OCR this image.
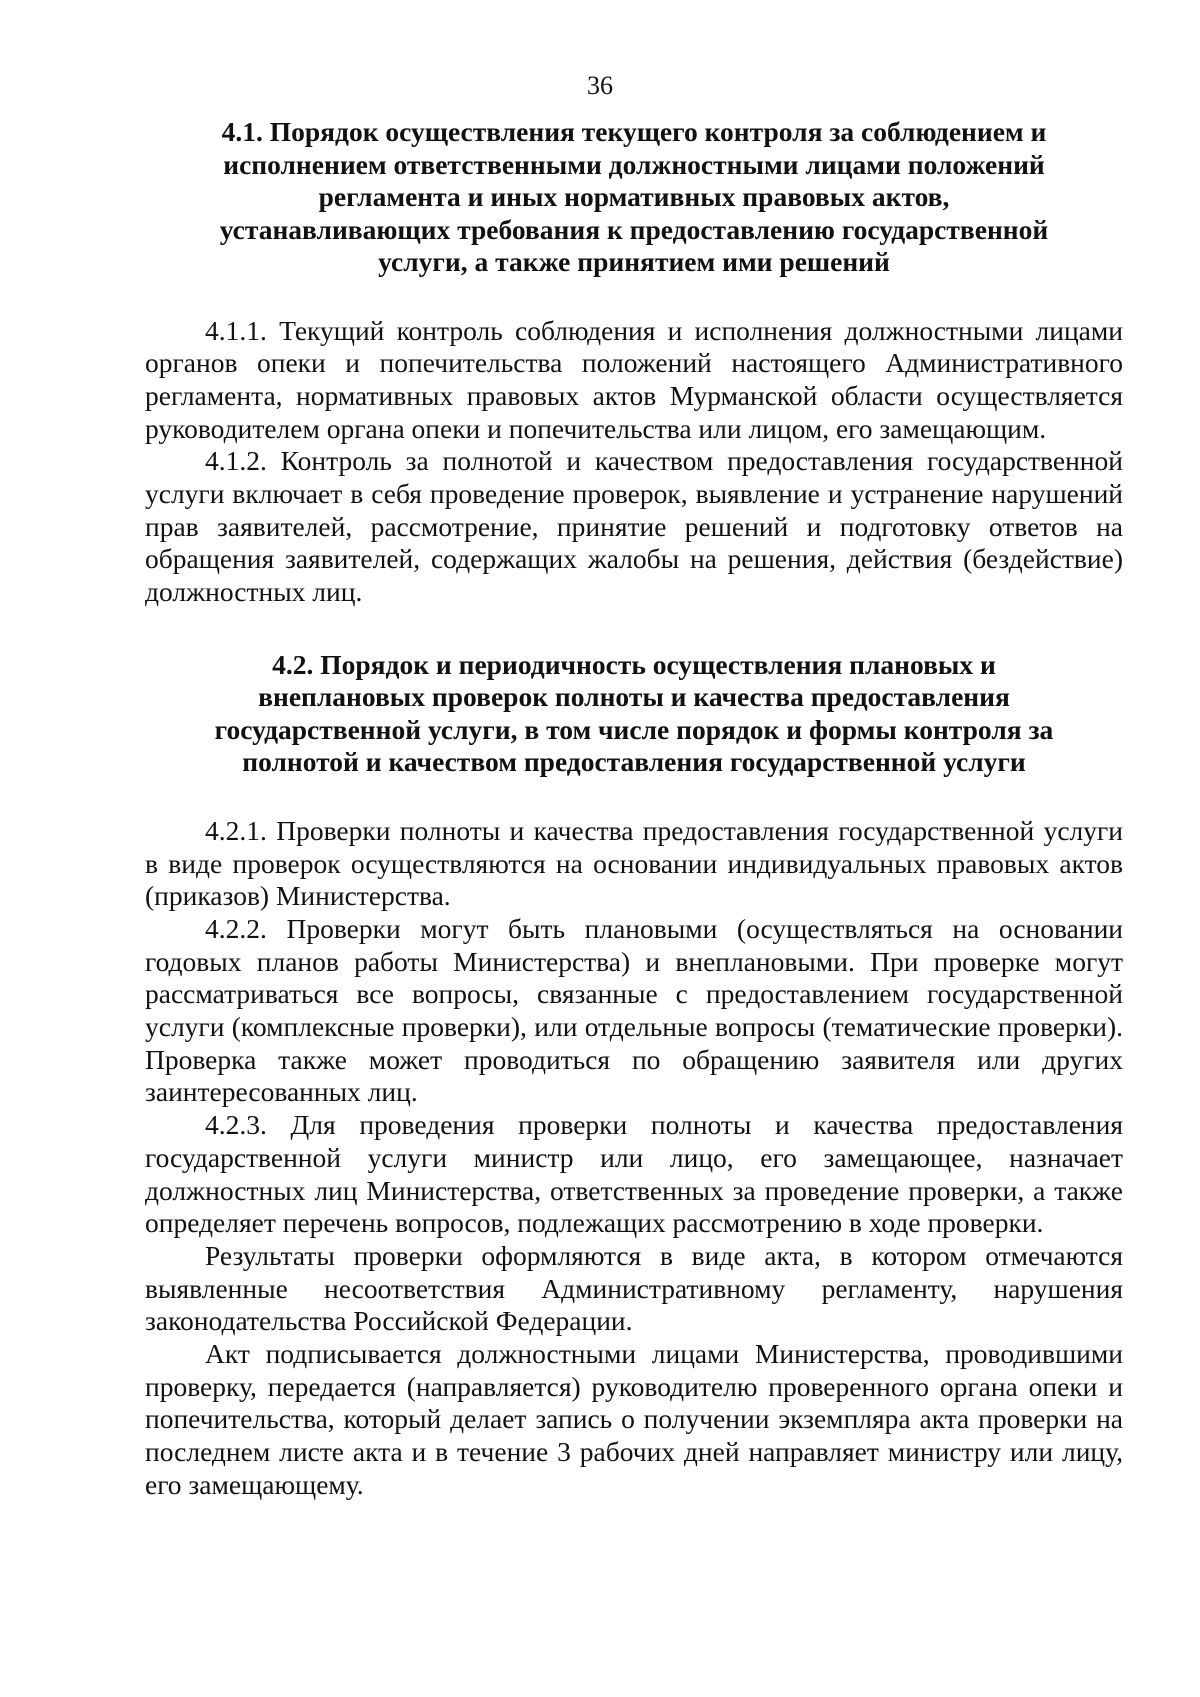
36
4.1. Порядок осуществления текущего контроля за соблюдением и
исполнением ответственными должностными лицами положений
регламента и иных нормативных правовых актов,
устанавливающих требования к предоставлению государственной
услуги, а также принятием ими решений

4.1.1. Текущий контроль соблюдения и исполнения должностными лицами органов опеки и попечительства положений настоящего Административного регламента, нормативных правовых актов Мурманской области осуществляется руководителем органа опеки и попечительства или лицом, его замещающим.

4.1.2. Контроль за полнотой и качеством предоставления государственной услуги включает в себя проведение проверок, выявление и устранение нарушений прав заявителей, рассмотрение, принятие решений и подготовку ответов на обращения заявителей, содержащих жалобы на решения, действия (бездействие) должностных лиц.

4.2. Порядок и периодичность осуществления плановых и
внеплановых проверок полноты и качества предоставления
государственной услуги, в том числе порядок и формы контроля за
полнотой и качеством предоставления государственной услуги

4.2.1. Проверки полноты и качества предоставления государственной услуги в виде проверок осуществляются на основании индивидуальных правовых актов (приказов) Министерства.

4.2.2. Проверки могут быть плановыми (осуществляться на основании годовых планов работы Министерства) и внеплановыми. При проверке могут рассматриваться все вопросы, связанные с предоставлением государственной услуги (комплексные проверки), или отдельные вопросы (тематические проверки). Проверка также может проводиться по обращению заявителя или других заинтересованных лиц.

4.2.3. Для проведения проверки полноты и качества предоставления государственной услуги министр или лицо, его замещающее, назначает должностных лиц Министерства, ответственных за проведение проверки, а также определяет перечень вопросов, подлежащих рассмотрению в ходе проверки.

Результаты проверки оформляются в виде акта, в котором отмечаются выявленные несоответствия Административному регламенту, нарушения законодательства Российской Федерации.

Акт подписывается должностными лицами Министерства, проводившими проверку, передается (направляется) руководителю проверенного органа опеки и попечительства, который делает запись о получении экземпляра акта проверки на последнем листе акта и в течение 3 рабочих дней направляет министру или лицу, его замещающему.
